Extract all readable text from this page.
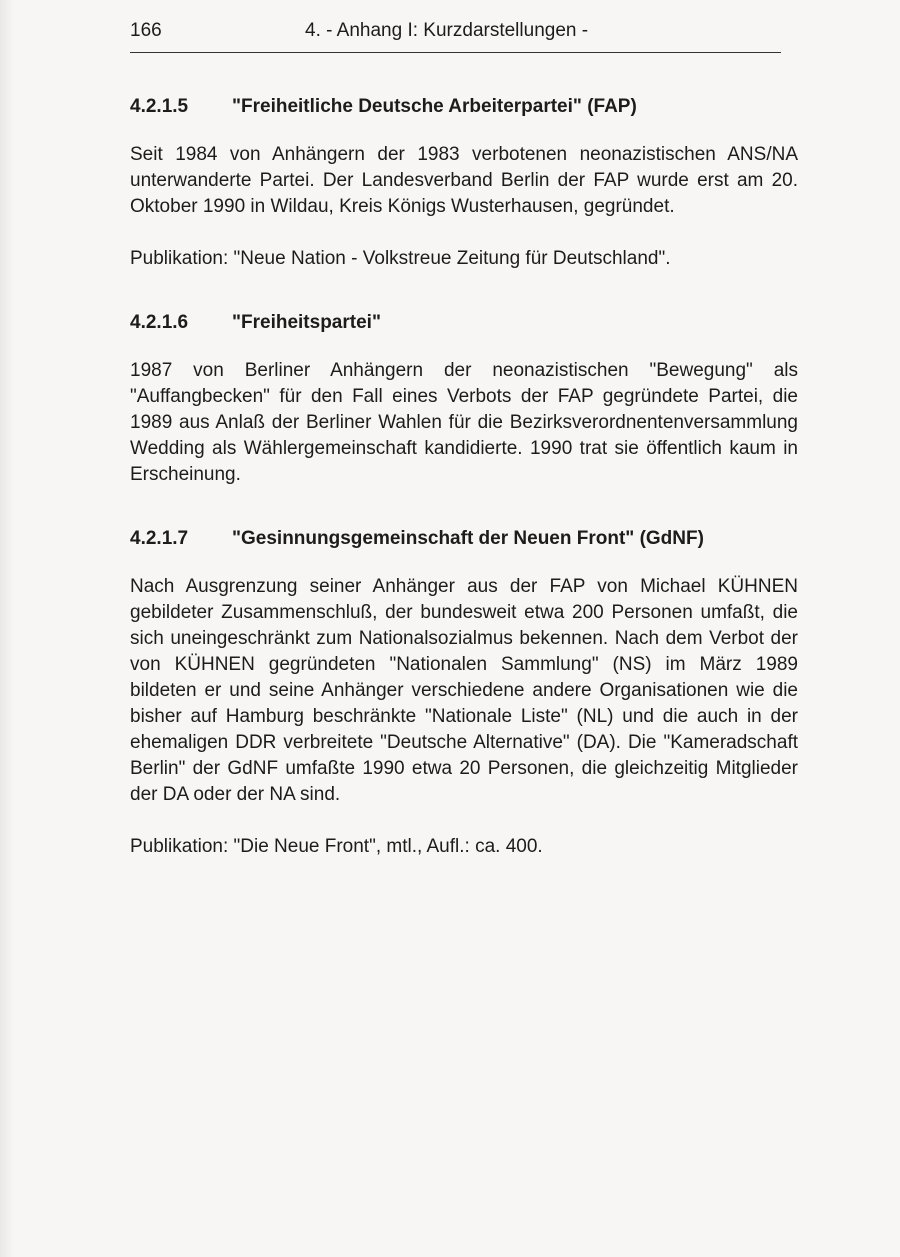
166	4. - Anhang I: Kurzdarstellungen -
4.2.1.5 "Freiheitliche Deutsche Arbeiterpartei" (FAP)

Seit 1984 von Anhängern der 1983 verbotenen neonazistischen ANS/NA unterwanderte Partei. Der Landesverband Berlin der FAP wurde erst am 20. Oktober 1990 in Wildau, Kreis Königs Wusterhausen, gegründet.

Publikation: "Neue Nation - Volkstreue Zeitung für Deutschland".

4.2.1.6 "Freiheitspartei"

1987 von Berliner Anhängern der neonazistischen "Bewegung" als "Auffangbecken" für den Fall eines Verbots der FAP gegründete Partei, die 1989 aus Anlaß der Berliner Wahlen für die Bezirksverordnentenversammlung Wedding als Wählergemeinschaft kandidierte. 1990 trat sie öffentlich kaum in Erscheinung.

4.2.1.7 "Gesinnungsgemeinschaft der Neuen Front" (GdNF)

Nach Ausgrenzung seiner Anhänger aus der FAP von Michael KÜHNEN gebildeter Zusammenschluß, der bundesweit etwa 200 Personen umfaßt, die sich uneingeschränkt zum Nationalsozialmus bekennen. Nach dem Verbot der von KÜHNEN gegründeten "Nationalen Sammlung" (NS) im März 1989 bildeten er und seine Anhänger verschiedene andere Organisationen wie die bisher auf Hamburg beschränkte "Nationale Liste" (NL) und die auch in der ehemaligen DDR verbreitete "Deutsche Alternative" (DA). Die "Kameradschaft Berlin" der GdNF umfaßte 1990 etwa 20 Personen, die gleichzeitig Mitglieder der DA oder der NA sind.

Publikation: "Die Neue Front", mtl., Aufl.: ca. 400.
